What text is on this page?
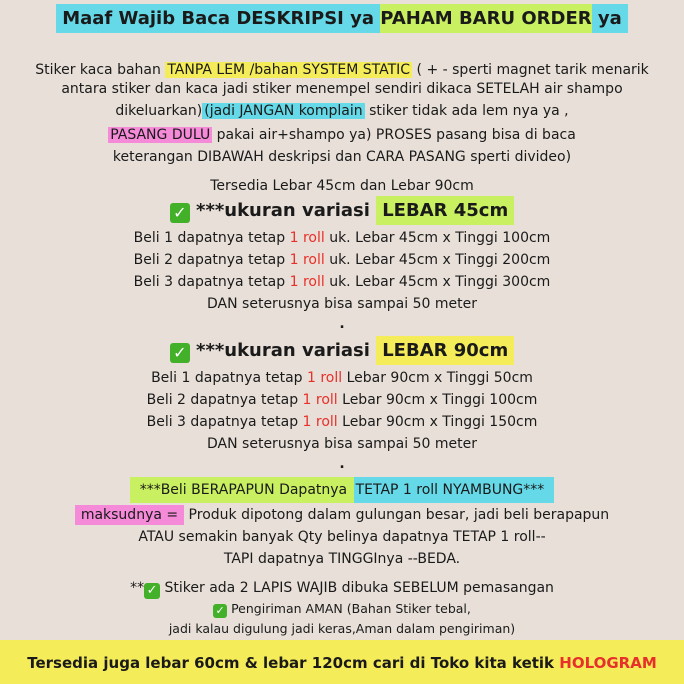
Maaf Wajib Baca DESKRIPSI ya PAHAM BARU ORDER ya
Stiker kaca bahan TANPA LEM /bahan SYSTEM STATIC ( + - sperti magnet tarik menarik
antara stiker dan kaca jadi stiker menempel sendiri dikaca SETELAH air shampo
dikeluarkan) (jadi JANGAN komplain stiker tidak ada lem nya ya ,
PASANG DULU pakai air+shampo ya) PROSES pasang bisa di baca
keterangan DIBAWAH deskripsi dan CARA PASANG sperti divideo)
Tersedia Lebar 45cm dan Lebar 90cm
✓ ***ukuran variasi LEBAR 45cm
Beli 1 dapatnya tetap 1 roll uk. Lebar 45cm x Tinggi 100cm
Beli 2 dapatnya tetap 1 roll uk. Lebar 45cm x Tinggi 200cm
Beli 3 dapatnya tetap 1 roll uk. Lebar 45cm x Tinggi 300cm
DAN seterusnya bisa sampai 50 meter
.
✓ ***ukuran variasi LEBAR 90cm
Beli 1 dapatnya tetap 1 roll Lebar 90cm x Tinggi 50cm
Beli 2 dapatnya tetap 1 roll Lebar 90cm x Tinggi 100cm
Beli 3 dapatnya tetap 1 roll Lebar 90cm x Tinggi 150cm
DAN seterusnya bisa sampai 50 meter
.
***Beli BERAPAPUN Dapatnya TETAP 1 roll NYAMBUNG***
maksudnya = Produk dipotong dalam gulungan besar, jadi beli berapapun
ATAU semakin banyak Qty belinya dapatnya TETAP 1 roll--
TAPI dapatnya TINGGInya --BEDA.
** ✓ Stiker ada 2 LAPIS WAJIB dibuka SEBELUM pemasangan
✓ Pengiriman AMAN (Bahan Stiker tebal,
jadi kalau digulung jadi keras,Aman dalam pengiriman)
Tersedia juga lebar 60cm & lebar 120cm cari di Toko kita ketik HOLOGRAM
